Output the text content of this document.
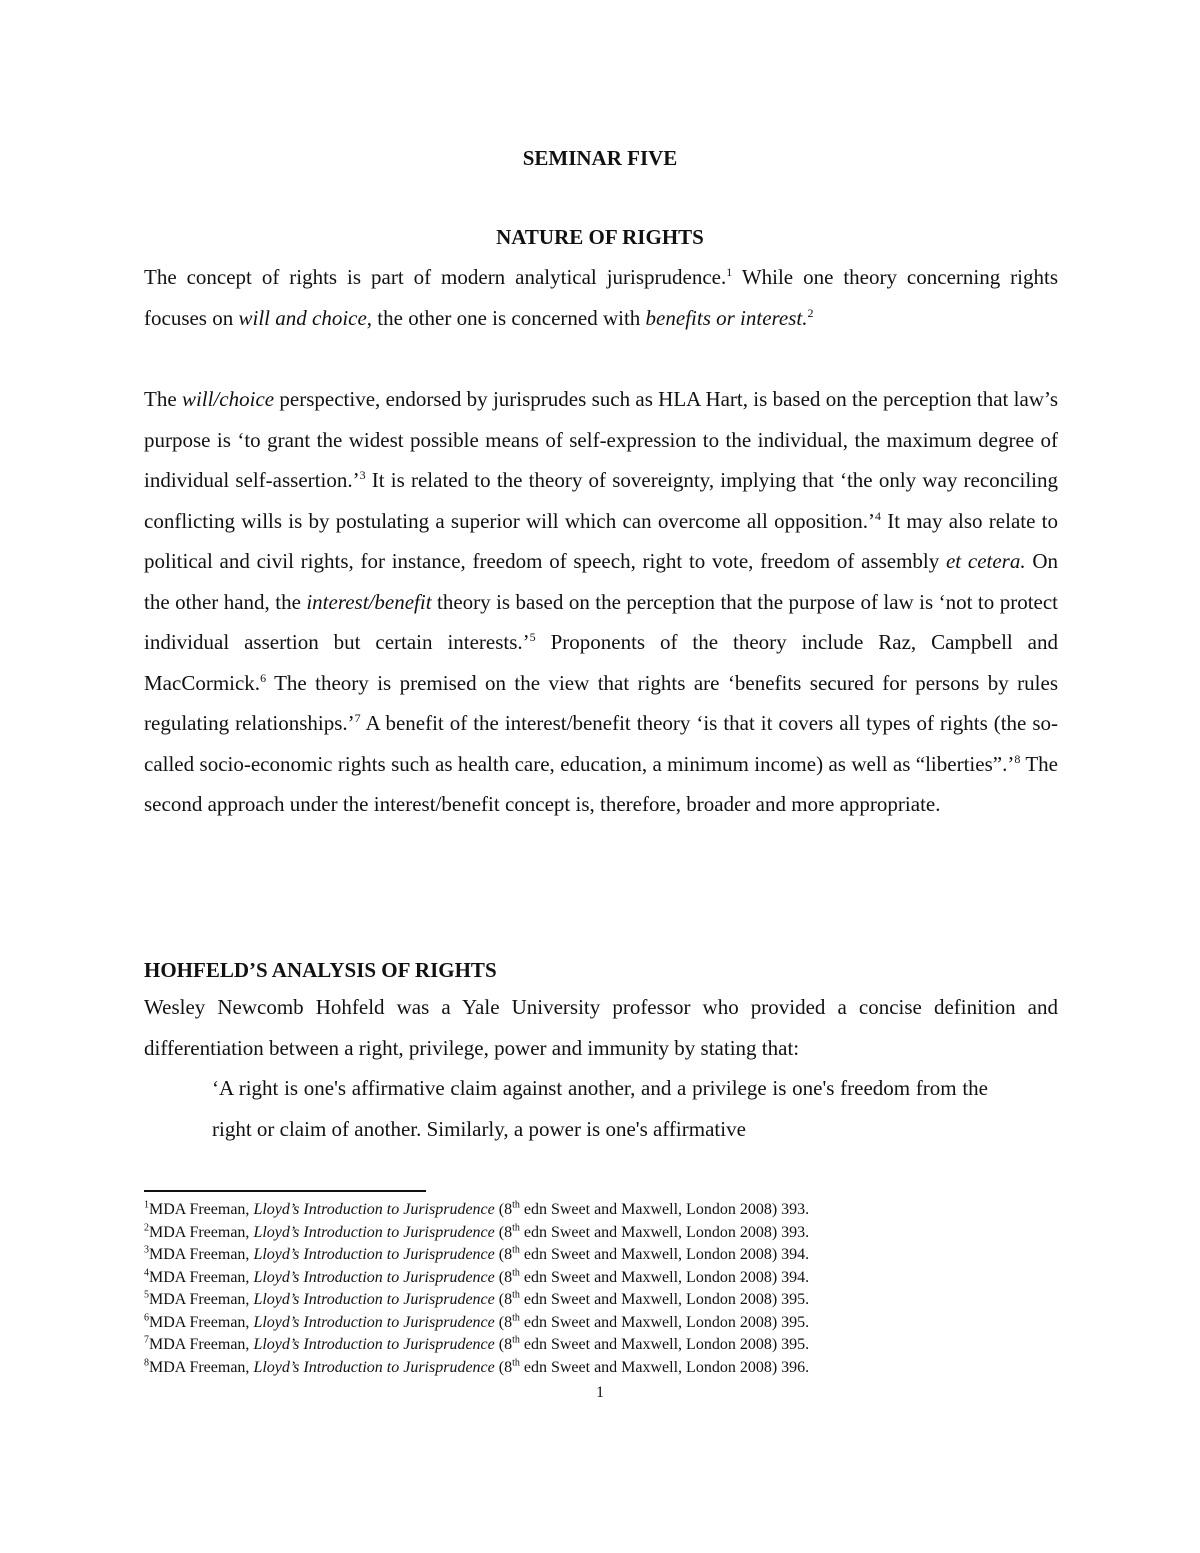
SEMINAR FIVE
NATURE OF RIGHTS
The concept of rights is part of modern analytical jurisprudence.$^1$ While one theory concerning rights focuses on will and choice, the other one is concerned with benefits or interest.$^2$
The will/choice perspective, endorsed by jurisprudes such as HLA Hart, is based on the perception that law’s purpose is ‘to grant the widest possible means of self-expression to the individual, the maximum degree of individual self-assertion.’$^3$ It is related to the theory of sovereignty, implying that ‘the only way reconciling conflicting wills is by postulating a superior will which can overcome all opposition.’$^4$ It may also relate to political and civil rights, for instance, freedom of speech, right to vote, freedom of assembly et cetera. On the other hand, the interest/benefit theory is based on the perception that the purpose of law is ‘not to protect individual assertion but certain interests.’$^5$ Proponents of the theory include Raz, Campbell and MacCormick.$^6$ The theory is premised on the view that rights are ‘benefits secured for persons by rules regulating relationships.’$^7$ A benefit of the interest/benefit theory ‘is that it covers all types of rights (the so-called socio-economic rights such as health care, education, a minimum income) as well as “liberties”.’$^8$ The second approach under the interest/benefit concept is, therefore, broader and more appropriate.
HOHFELD’S ANALYSIS OF RIGHTS
Wesley Newcomb Hohfeld was a Yale University professor who provided a concise definition and differentiation between a right, privilege, power and immunity by stating that:
‘A right is one's affirmative claim against another, and a privilege is one's freedom from the right or claim of another. Similarly, a power is one's affirmative
$^1$MDA Freeman, Lloyd’s Introduction to Jurisprudence (8th edn Sweet and Maxwell, London 2008) 393.
$^2$MDA Freeman, Lloyd’s Introduction to Jurisprudence (8th edn Sweet and Maxwell, London 2008) 393.
$^3$MDA Freeman, Lloyd’s Introduction to Jurisprudence (8th edn Sweet and Maxwell, London 2008) 394.
$^4$MDA Freeman, Lloyd’s Introduction to Jurisprudence (8th edn Sweet and Maxwell, London 2008) 394.
$^5$MDA Freeman, Lloyd’s Introduction to Jurisprudence (8th edn Sweet and Maxwell, London 2008) 395.
$^6$MDA Freeman, Lloyd’s Introduction to Jurisprudence (8th edn Sweet and Maxwell, London 2008) 395.
$^7$MDA Freeman, Lloyd’s Introduction to Jurisprudence (8th edn Sweet and Maxwell, London 2008) 395.
$^8$MDA Freeman, Lloyd’s Introduction to Jurisprudence (8th edn Sweet and Maxwell, London 2008) 396.
1
